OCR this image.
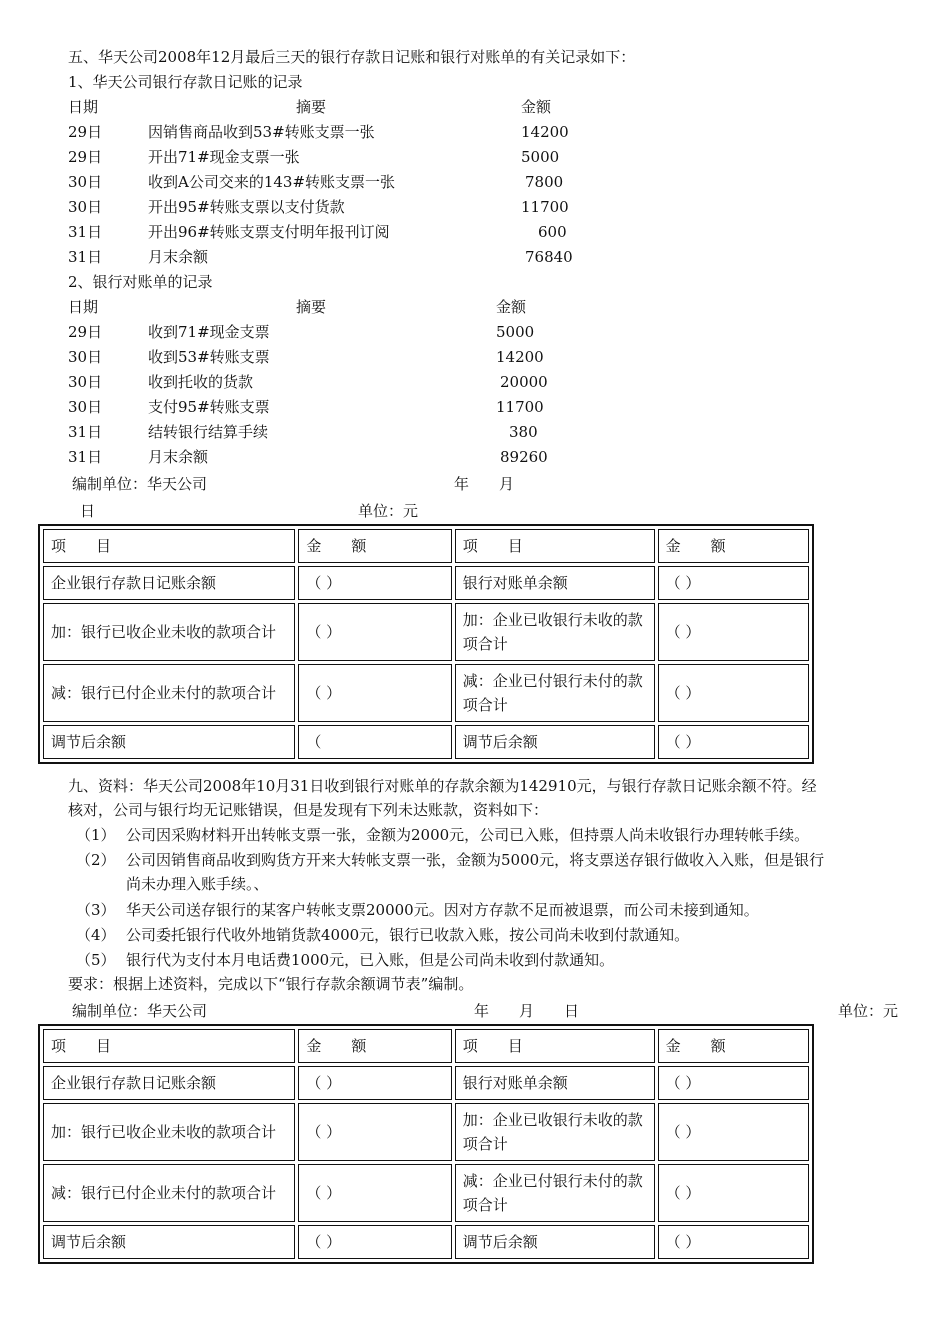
五、华天公司2008年12月最后三天的银行存款日记账和银行对账单的有关记录如下：
1、华天公司银行存款日记账的记录
日期	摘要	金额
29日	因销售商品收到53#转账支票一张	14200
29日	开出71#现金支票一张	5000
30日	收到A公司交来的143#转账支票一张	7800
30日	开出95#转账支票以支付货款	11700
31日	开出96#转账支票支付明年报刊订阅	600
31日	月末余额	76840
2、银行对账单的记录
日期	摘要	金额
29日	收到71#现金支票	5000
30日	收到53#转账支票	14200
30日	收到托收的货款	20000
30日	支付95#转账支票	11700
31日	结转银行结算手续	380
31日	月末余额	89260
编制单位：华天公司	年　　月
日	单位：元
项　　目	金　　额	项　　目	金　　额
企业银行存款日记账余额	（ ）	银行对账单余额	（ ）
加：银行已收企业未收的款项合计	（ ）	加：企业已收银行未收的款项合计	（ ）
减：银行已付企业未付的款项合计	（ ）	减：企业已付银行未付的款项合计	（ ）
调节后余额	（	调节后余额	（ ）
九、资料：华天公司2008年10月31日收到银行对账单的存款余额为142910元，与银行存款日记账余额不符。经
核对，公司与银行均无记账错误，但是发现有下列未达账款，资料如下：
（1） 公司因采购材料开出转帐支票一张，金额为2000元，公司已入账，但持票人尚未收银行办理转帐手续。
（2） 公司因销售商品收到购货方开来大转帐支票一张，金额为5000元，将支票送存银行做收入入账，但是银行
尚未办理入账手续。、
（3） 华天公司送存银行的某客户转帐支票20000元。因对方存款不足而被退票，而公司未接到通知。
（4） 公司委托银行代收外地销货款4000元，银行已收款入账，按公司尚未收到付款通知。
（5） 银行代为支付本月电话费1000元，已入账，但是公司尚未收到付款通知。
要求：根据上述资料，完成以下“银行存款余额调节表”编制。
编制单位：华天公司	年　　月　　日	单位：元
项　　目	金　　额	项　　目	金　　额
企业银行存款日记账余额	（ ）	银行对账单余额	（ ）
加：银行已收企业未收的款项合计	（ ）	加：企业已收银行未收的款项合计	（ ）
减：银行已付企业未付的款项合计	（ ）	减：企业已付银行未付的款项合计	（ ）
调节后余额	（ ）	调节后余额	（ ）
